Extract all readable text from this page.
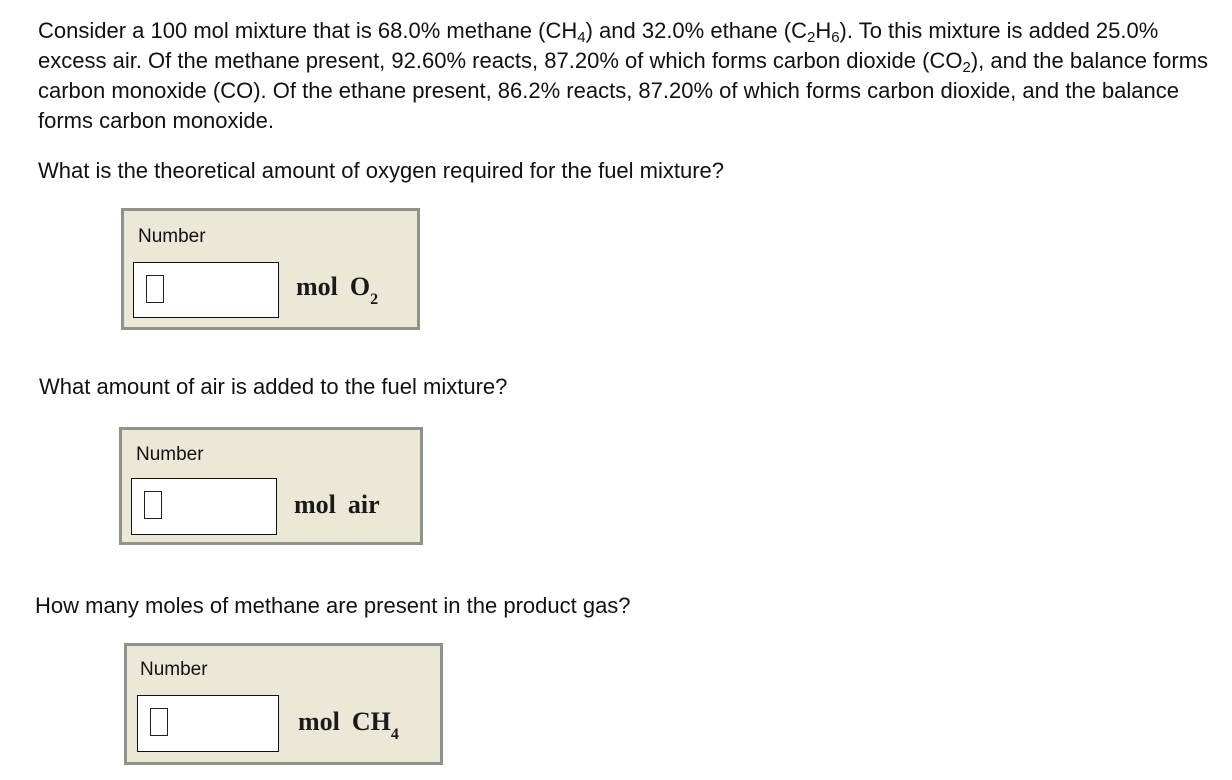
Consider a 100 mol mixture that is 68.0% methane $(CH_4)$ and 32.0% ethane $(C_2H_6)$. To this mixture is added 25.0% excess air. Of the methane present, 92.60% reacts, 87.20% of which forms carbon dioxide $(CO_2)$, and the balance forms carbon monoxide (CO). Of the ethane present, 86.2% reacts, 87.20% of which forms carbon dioxide, and the balance forms carbon monoxide.
What is the theoretical amount of oxygen required for the fuel mixture?
Number
mol $O_2$
What amount of air is added to the fuel mixture?
Number
mol air
How many moles of methane are present in the product gas?
Number
mol $CH_4$
